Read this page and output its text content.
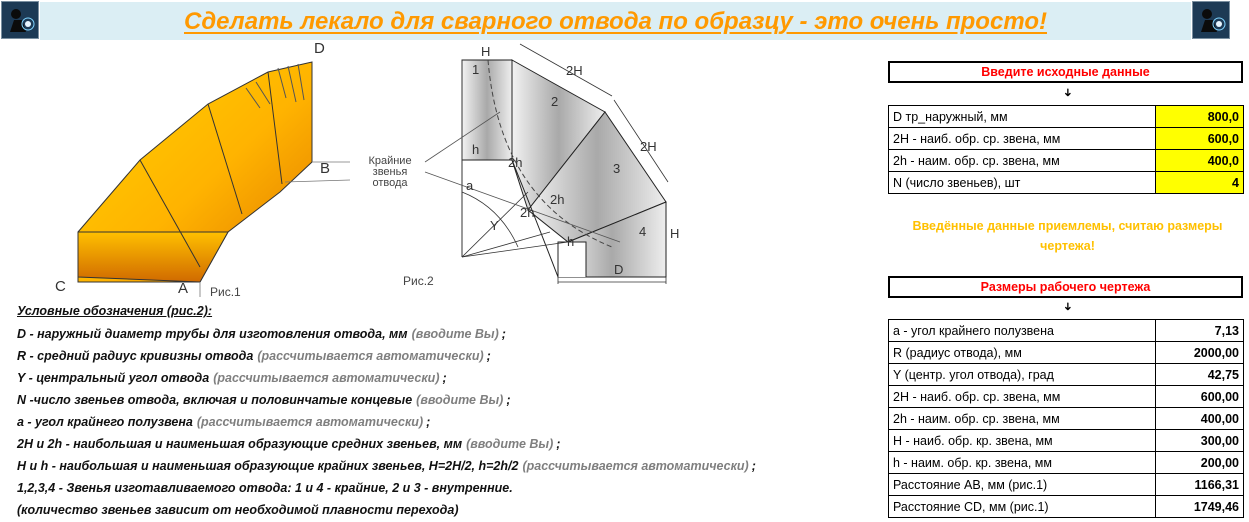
Сделать лекало для сварного отвода по образцу - это очень просто!
D
B
C	A Рис.1
H
1	2H
2
2H
3
h
2h
2h
2h
h
4 H
a
Y
D
Крайние звенья
отвода
Рис.2
Условные обозначения (рис.2):
D - наружный диаметр трубы для изготовления отвода, мм (вводите Вы) ;
R - средний радиус кривизны отвода (рассчитывается автоматически) ;
Y - центральный угол отвода (рассчитывается автоматически) ;
N -число звеньев отвода, включая и половинчатые концевые (вводите Вы) ;
a - угол крайнего полузвена (рассчитывается автоматически) ;
2H и 2h - наибольшая и наименьшая образующие средних звеньев, мм (вводите Вы) ;
H и h - наибольшая и наименьшая образующие крайних звеньев, H=2H/2, h=2h/2 (рассчитывается автоматически) ;
1,2,3,4 - Звенья изготавливаемого отвода: 1 и 4 - крайние, 2 и 3 - внутренние.
(количество звеньев зависит от необходимой плавности перехода)
Введите исходные данные
➜
D тр_наружный, мм	800,0
2H - наиб. обр. ср. звена, мм	600,0
2h - наим. обр. ср. звена, мм	400,0
N (число звеньев), шт	4
Введённые данные приемлемы, считаю размеры чертежа!
Размеры рабочего чертежа
➜
a - угол крайнего полузвена	7,13
R (радиус отвода), мм	2000,00
Y (центр. угол отвода), град	42,75
2H - наиб. обр. ср. звена, мм	600,00
2h - наим. обр. ср. звена, мм	400,00
H - наиб. обр. кр. звена, мм	300,00
h - наим. обр. кр. звена, мм	200,00
Расстояние AB, мм (рис.1)	1166,31
Расстояние CD, мм (рис.1)	1749,46
